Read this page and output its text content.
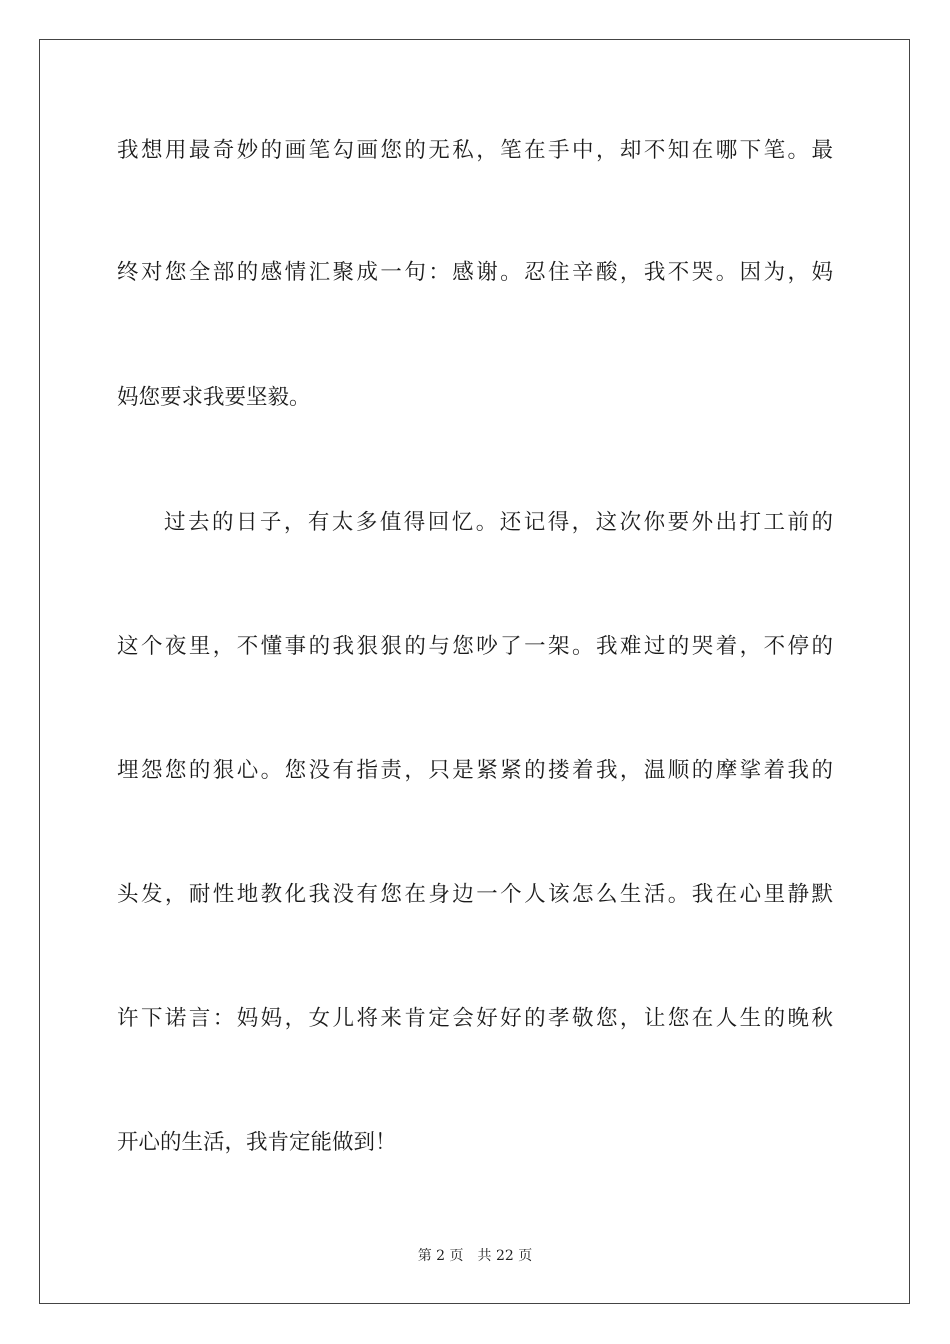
我想用最奇妙的画笔勾画您的无私，笔在手中，却不知在哪下笔。最
终对您全部的感情汇聚成一句：感谢。忍住辛酸，我不哭。因为，妈
妈您要求我要坚毅。
过去的日子，有太多值得回忆。还记得，这次你要外出打工前的
这个夜里，不懂事的我狠狠的与您吵了一架。我难过的哭着，不停的
埋怨您的狠心。您没有指责，只是紧紧的搂着我，温顺的摩挲着我的
头发，耐性地教化我没有您在身边一个人该怎么生活。我在心里静默
许下诺言：妈妈，女儿将来肯定会好好的孝敬您，让您在人生的晚秋
开心的生活，我肯定能做到！
第 2 页 共 22 页
